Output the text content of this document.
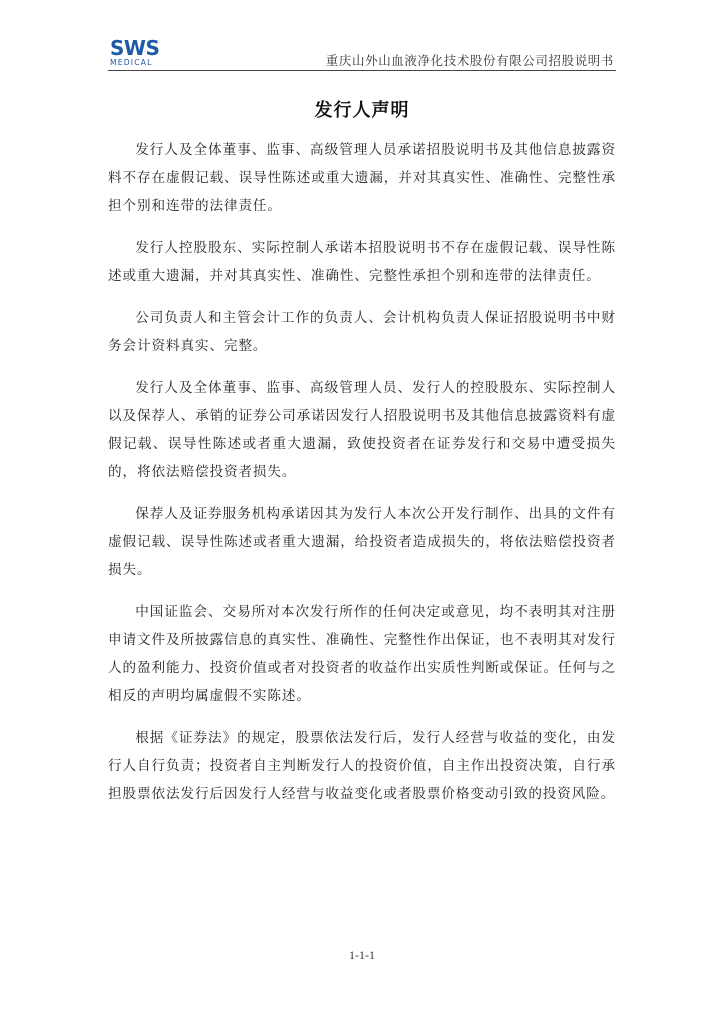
SWS
MEDICAL	重庆山外山血液净化技术股份有限公司招股说明书
发行人声明

发行人及全体董事、监事、高级管理人员承诺招股说明书及其他信息披露资料不存在虚假记载、误导性陈述或重大遗漏，并对其真实性、准确性、完整性承担个别和连带的法律责任。

发行人控股股东、实际控制人承诺本招股说明书不存在虚假记载、误导性陈述或重大遗漏，并对其真实性、准确性、完整性承担个别和连带的法律责任。

公司负责人和主管会计工作的负责人、会计机构负责人保证招股说明书中财务会计资料真实、完整。

发行人及全体董事、监事、高级管理人员、发行人的控股股东、实际控制人以及保荐人、承销的证券公司承诺因发行人招股说明书及其他信息披露资料有虚假记载、误导性陈述或者重大遗漏，致使投资者在证券发行和交易中遭受损失的，将依法赔偿投资者损失。

保荐人及证券服务机构承诺因其为发行人本次公开发行制作、出具的文件有虚假记载、误导性陈述或者重大遗漏，给投资者造成损失的，将依法赔偿投资者损失。

中国证监会、交易所对本次发行所作的任何决定或意见，均不表明其对注册申请文件及所披露信息的真实性、准确性、完整性作出保证，也不表明其对发行人的盈利能力、投资价值或者对投资者的收益作出实质性判断或保证。任何与之相反的声明均属虚假不实陈述。

根据《证券法》的规定，股票依法发行后，发行人经营与收益的变化，由发行人自行负责；投资者自主判断发行人的投资价值，自主作出投资决策，自行承担股票依法发行后因发行人经营与收益变化或者股票价格变动引致的投资风险。

1-1-1
